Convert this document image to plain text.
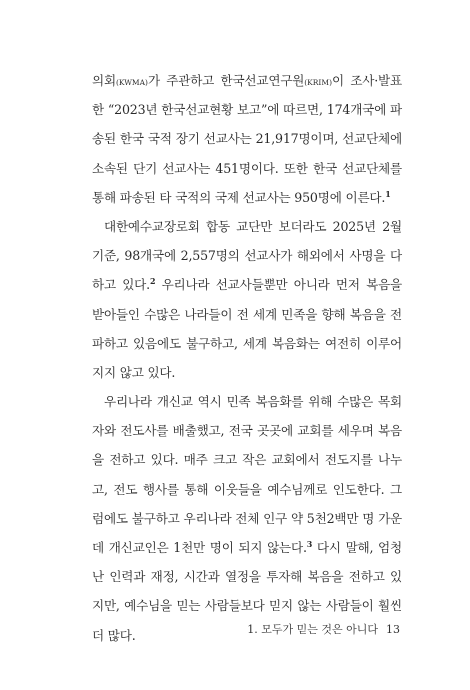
의회(KWMA)가 주관하고 한국선교연구원(KRIM)이 조사·발표
한 “2023년 한국선교현황 보고”에 따르면, 174개국에 파
송된 한국 국적 장기 선교사는 21,917명이며, 선교단체에
소속된 단기 선교사는 451명이다. 또한 한국 선교단체를
통해 파송된 타 국적의 국제 선교사는 950명에 이른다.$^1$
대한예수교장로회 합동 교단만 보더라도 2025년 2월
기준, 98개국에 2,557명의 선교사가 해외에서 사명을 다
하고 있다.$^2$ 우리나라 선교사들뿐만 아니라 먼저 복음을
받아들인 수많은 나라들이 전 세계 민족을 향해 복음을 전
파하고 있음에도 불구하고, 세계 복음화는 여전히 이루어
지지 않고 있다.
우리나라 개신교 역시 민족 복음화를 위해 수많은 목회
자와 전도사를 배출했고, 전국 곳곳에 교회를 세우며 복음
을 전하고 있다. 매주 크고 작은 교회에서 전도지를 나누
고, 전도 행사를 통해 이웃들을 예수님께로 인도한다. 그
럼에도 불구하고 우리나라 전체 인구 약 5천2백만 명 가운
데 개신교인은 1천만 명이 되지 않는다.$^3$ 다시 말해, 엄청
난 인력과 재정, 시간과 열정을 투자해 복음을 전하고 있
지만, 예수님을 믿는 사람들보다 믿지 않는 사람들이 훨씬
더 많다.	1. 모두가 믿는 것은 아니다 13
